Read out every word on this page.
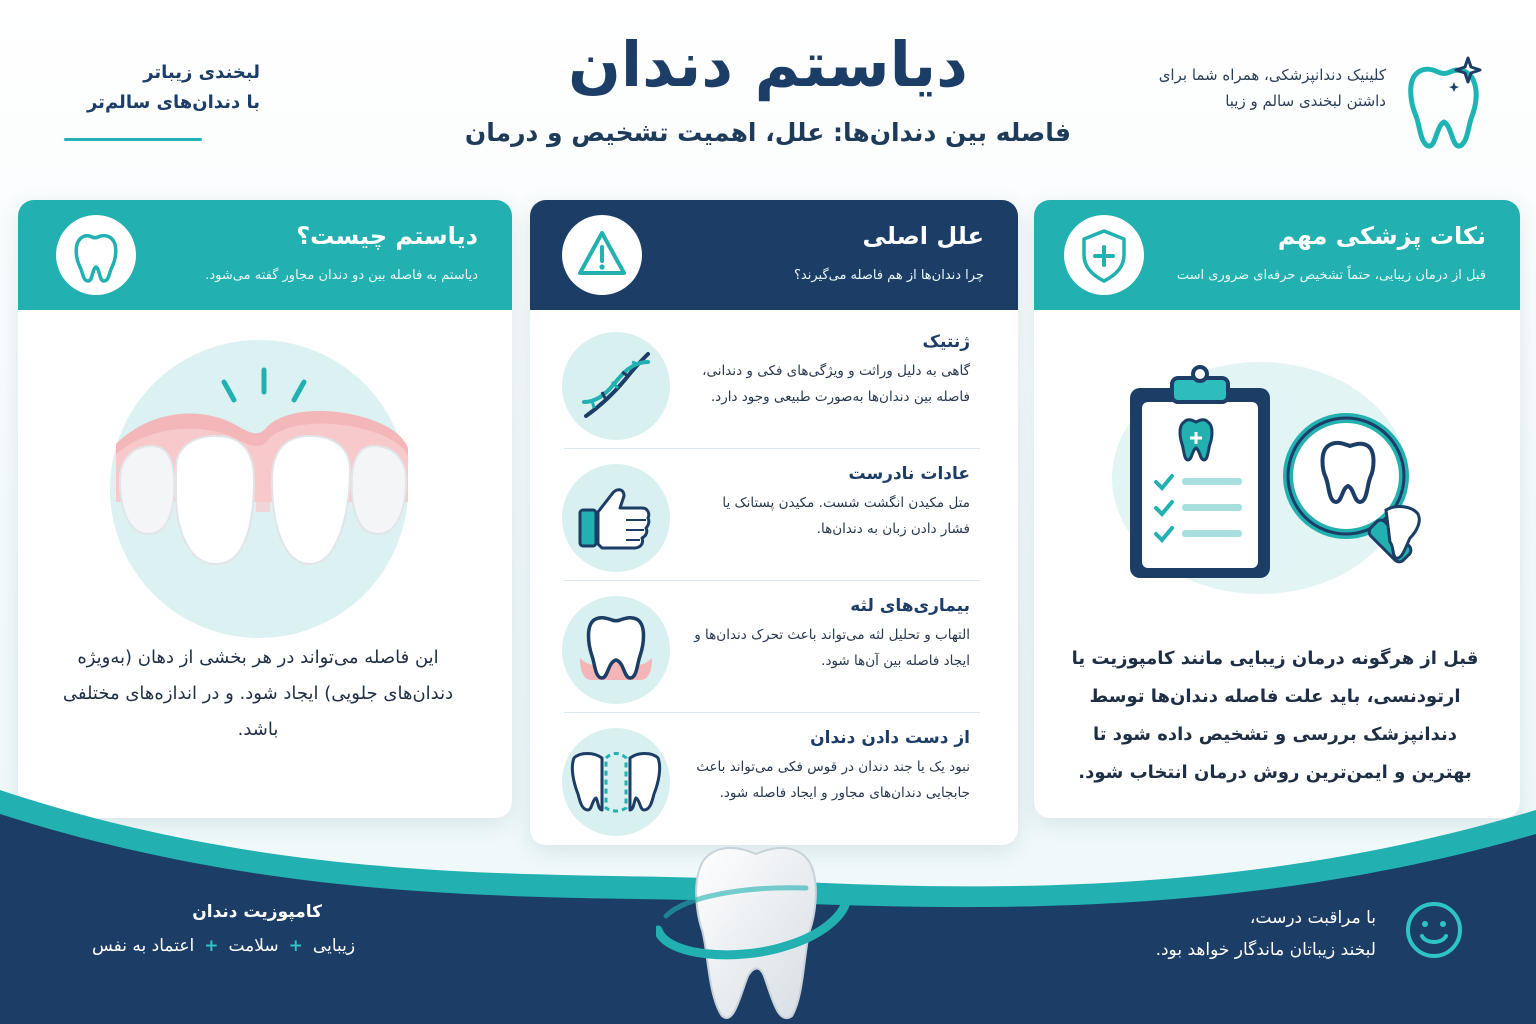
دیاستم دندان
فاصله بین دندان‌ها: علل، اهمیت تشخیص و درمان
کلینیک دندانپزشکی، همراه شما برای داشتن لبخندی سالم و زیبا
لبخندی زیباتر
با دندان‌های سالم‌تر
دیاستم چیست؟
دیاستم به فاصله بین دو دندان مجاور گفته می‌شود.
این فاصله می‌تواند در هر بخشی از دهان (به‌ویژه دندان‌های جلویی) ایجاد شود. و در اندازه‌های مختلفی باشد.
علل اصلی
چرا دندان‌ها از هم فاصله می‌گیرند؟
ژنتیک
گاهی به دلیل وراثت و ویژگی‌های فکی و دندانی، فاصله بین دندان‌ها به‌صورت طبیعی وجود دارد.
عادات نادرست
متل مکیدن انگشت شست. مکیدن پستانک یا فشار دادن زبان به دندان‌ها.
بیماری‌های لثه
التهاب و تحلیل لثه می‌تواند باعث تحرک دندان‌ها و ایجاد فاصله بین آن‌ها شود.
از دست دادن دندان
نبود یک یا جند دندان در قوس فکی می‌تواند باعث جابجایی دندان‌های مجاور و ایجاد فاصله شود.
نکات پزشکی مهم
قبل از درمان زیبایی، حتماً تشخیص حرفه‌ای ضروری است
قبل از هرگونه درمان زیبایی مانند کامپوزیت یا ارتودنسی، باید علت فاصله دندان‌ها توسط دندانپزشک بررسی و تشخیص داده شود تا بهترین و ایمن‌ترین روش درمان انتخاب شود.
کامپوزیت دندان
زیبایی
+
سلامت
+
اعتماد به نفس
با مراقبت درست،
لبخند زیباتان ماندگار خواهد بود.
